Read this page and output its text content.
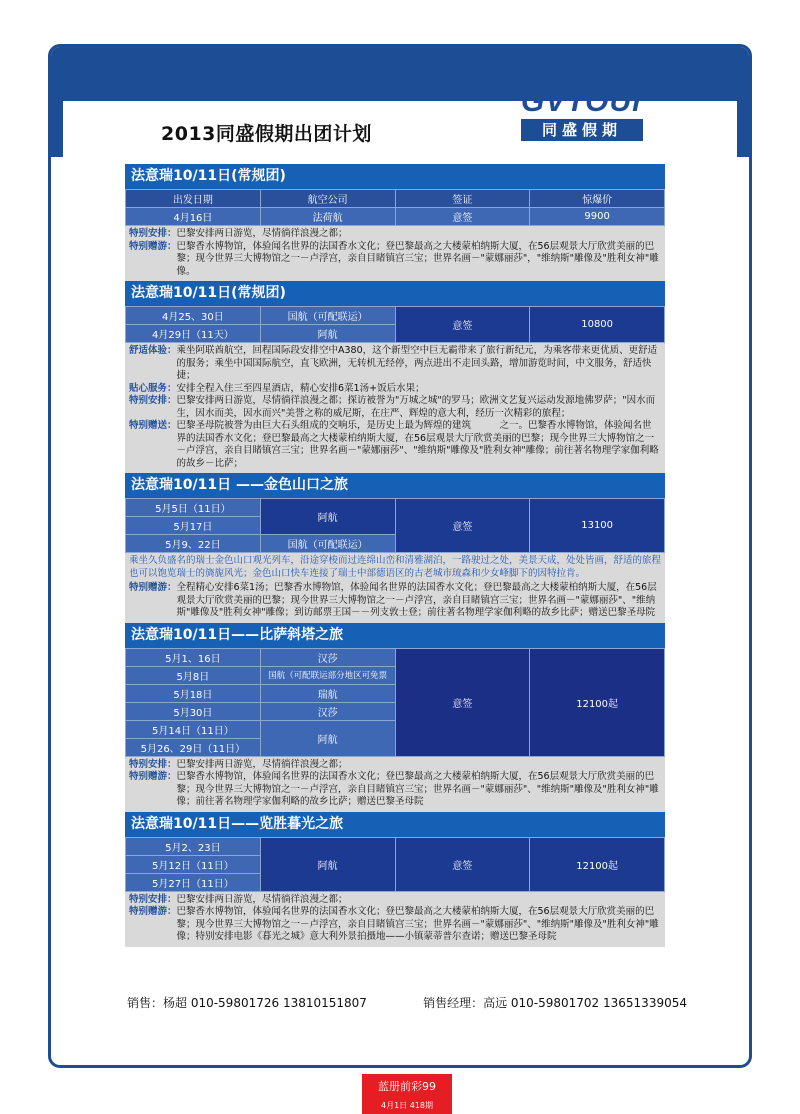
2013同盛假期出团计划
GVTOUr
同盛假期
法意瑞10/11日(常规团)
出发日期	航空公司	签证	惊爆价
4月16日	法荷航	意签	9900
特别安排： 巴黎安排两日游览，尽情徜徉浪漫之都；
特别赠游： 巴黎香水博物馆，体验闻名世界的法国香水文化；登巴黎最高之大楼蒙柏纳斯大厦，在56层观景大厅欣赏美丽的巴黎；现今世界三大博物馆之一－卢浮宫，亲自目睹镇宫三宝；世界名画－"蒙娜丽莎"，"维纳斯"雕像及"胜利女神"雕像。
法意瑞10/11日(常规团)
4月25、30日	国航（可配联运）	意签	10800
4月29日（11天）	阿航		
舒适体验： 乘坐阿联酋航空，回程国际段安排空中A380，这个新型空中巨无霸带来了旅行新纪元，为乘客带来更优质、更舒适的服务；乘坐中国国际航空，直飞欧洲，无转机无经停，两点进出不走回头路，增加游览时间，中文服务，舒适快捷；
贴心服务： 安排全程入住三至四星酒店，精心安排6菜1汤+饭后水果；
特别安排： 巴黎安排两日游览，尽情徜徉浪漫之都；探访被誉为"万城之城"的罗马；欧洲文艺复兴运动发源地佛罗萨；"因水而生，因水而美，因水而兴"美誉之称的威尼斯，在庄严、辉煌的意大利，经历一次精彩的旅程；
特别赠送： 巴黎圣母院被誉为由巨大石头组成的交响乐，是历史上最为辉煌的建筑　　　之一。巴黎香水博物馆，体验闻名世界的法国香水文化；登巴黎最高之大楼蒙柏纳斯大厦，在56层观景大厅欣赏美丽的巴黎；现今世界三大博物馆之一－卢浮宫，亲自目睹镇宫三宝；世界名画－"蒙娜丽莎"、"维纳斯"雕像及"胜利女神"雕像；前往著名物理学家伽利略的故乡－比萨；
法意瑞10/11日 ——金色山口之旅
5月5日（11日）	阿航	意签	13100
5月17日			
5月9、22日	国航（可配联运）		
乘坐久负盛名的瑞士金色山口观光列车，沿途穿梭而过连绵山峦和清雅湖泊，一路驶过之处，美景天成，处处皆画，舒适的旅程也可以饱览瑞士的旖旎风光；金色山口快车连接了瑞士中部德语区的古老城市琉森和少女峰脚下的因特拉肯。
特别赠游： 全程精心安排6菜1汤；巴黎香水博物馆，体验闻名世界的法国香水文化；登巴黎最高之大楼蒙柏纳斯大厦，在56层观景大厅欣赏美丽的巴黎；现今世界三大博物馆之一－卢浮宫，亲自目睹镇宫三宝；世界名画－"蒙娜丽莎"、"维纳斯"雕像及"胜利女神"雕像；到访邮票王国－－列支敦士登；前往著名物理学家伽利略的故乡比萨；赠送巴黎圣母院
法意瑞10/11日——比萨斜塔之旅
5月1、16日	汉莎	意签	12100起
5月8日	国航（可配联运部分地区可免票		
5月18日	瑞航		
5月30日	汉莎		
5月14日（11日）	阿航		
5月26、29日（11日）			
特别安排： 巴黎安排两日游览，尽情徜徉浪漫之都；
特别赠游： 巴黎香水博物馆，体验闻名世界的法国香水文化；登巴黎最高之大楼蒙柏纳斯大厦，在56层观景大厅欣赏美丽的巴黎；现今世界三大博物馆之一－卢浮宫，亲自目睹镇宫三宝；世界名画－"蒙娜丽莎"、"维纳斯"雕像及"胜利女神"雕像；前往著名物理学家伽利略的故乡比萨；赠送巴黎圣母院
法意瑞10/11日——览胜暮光之旅
5月2、23日	阿航	意签	12100起
5月12日（11日）
5月27日（11日）
特别安排： 巴黎安排两日游览，尽情徜徉浪漫之都；
特别赠游： 巴黎香水博物馆，体验闻名世界的法国香水文化；登巴黎最高之大楼蒙柏纳斯大厦，在56层观景大厅欣赏美丽的巴黎；现今世界三大博物馆之一－卢浮宫，亲自目睹镇宫三宝；世界名画－"蒙娜丽莎"、"维纳斯"雕像及"胜利女神"雕像；特别安排电影《暮光之城》意大利外景拍摄地——小镇蒙蒂普尔查诺；赠送巴黎圣母院
销售：杨超 010-59801726 13810151807	销售经理：高远 010-59801702 13651339054
蓝册前彩99
4月1日 418期
